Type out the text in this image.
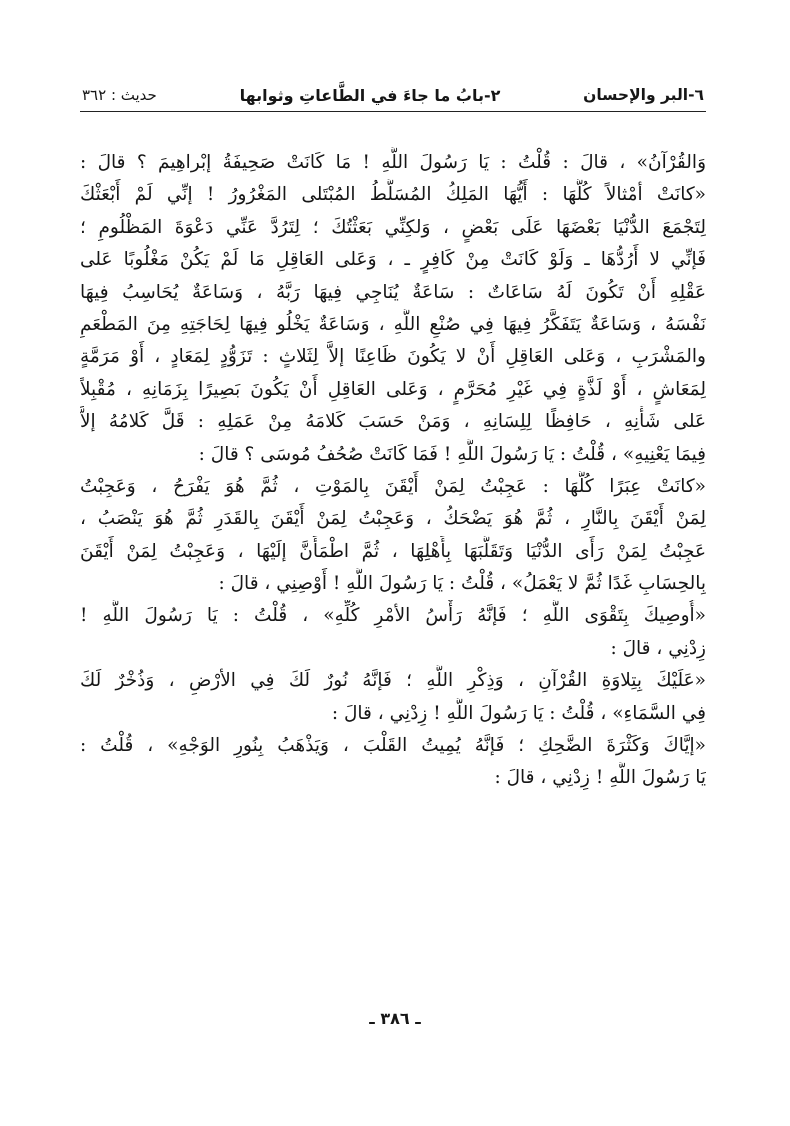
٦-البر والإحسان
٢-بابُ ما جاءَ في الطَّاعاتِ وثوابها
حديث : ٣٦٢
وَالقُرْآنُ» ، قالَ : قُلْتُ : يَا رَسُولَ اللَّهِ ! مَا كَانَتْ صَحِيفَةُ إبْراهِيمَ ؟ قالَ :
«كانَتْ أمْثالاً كُلُّهَا : أَيُّهَا المَلِكُ المُسَلَّطُ المُبْتَلى المَغْرُورُ ! إنِّي لَمْ أَبْعَثْكَ
لِتَجْمَعَ الدُّنْيَا بَعْضَهَا عَلَى بَعْضٍ ، وَلكِنِّي بَعَثْتُكَ ؛ لِتَرُدَّ عَنِّي دَعْوَةَ المَظْلُومِ ؛
فَإنِّي لا أَرُدُّهَا ـ وَلَوْ كَانَتْ مِنْ كَافِرٍ ـ ، وَعَلى العَاقِلِ مَا لَمْ يَكُنْ مَغْلُوبًا عَلى
عَقْلِهِ أَنْ تَكُونَ لَهُ سَاعَاتٌ : سَاعَةٌ يُنَاجِي فِيهَا رَبَّهُ ، وَسَاعَةٌ يُحَاسِبُ فِيهَا
نَفْسَهُ ، وَسَاعَةٌ يَتَفَكَّرُ فِيهَا فِي صُنْعِ اللَّهِ ، وَسَاعَةٌ يَخْلُو فِيهَا لِحَاجَتِهِ مِنَ المَطْعَمِ
والمَشْرَبِ ، وَعَلى العَاقِلِ أَنْ لا يَكُونَ ظَاعِنًا إلاَّ لِثَلاثٍ : تَزَوُّدٍ لِمَعَادٍ ، أَوْ مَرَمَّةٍ
لِمَعَاشٍ ، أَوْ لَذَّةٍ فِي غَيْرِ مُحَرَّمٍ ، وَعَلى العَاقِلِ أَنْ يَكُونَ بَصِيرًا بِزَمَانِهِ ، مُقْبِلاً
عَلى شَأْنِهِ ، حَافِظًا لِلِسَانِهِ ، وَمَنْ حَسَبَ كَلامَهُ مِنْ عَمَلِهِ : قَلَّ كَلامُهُ إلاَّ
فِيمَا يَعْنِيهِ» ، قُلْتُ : يَا رَسُولَ اللَّهِ ! فَمَا كَانَتْ صُحُفُ مُوسَى ؟ قالَ :
«كانَتْ عِبَرًا كُلُّهَا : عَجِبْتُ لِمَنْ أَيْقَنَ بِالمَوْتِ ، ثُمَّ هُوَ يَفْرَحُ ، وَعَجِبْتُ
لِمَنْ أَيْقَنَ بِالنَّارِ ، ثُمَّ هُوَ يَضْحَكُ ، وَعَجِبْتُ لِمَنْ أَيْقَنَ بِالقَدَرِ ثُمَّ هُوَ يَنْصَبُ ،
عَجِبْتُ لِمَنْ رَأَى الدُّنْيَا وَتَقَلُّبَهَا بِأَهْلِهَا ، ثُمَّ اطْمَأَنَّ إلَيْهَا ، وَعَجِبْتُ لِمَنْ أَيْقَنَ
بِالحِسَابِ غَدًا ثُمَّ لا يَعْمَلُ» ، قُلْتُ : يَا رَسُولَ اللَّهِ ! أَوْصِنِي ، قالَ :
«أُوصِيكَ بِتَقْوَى اللَّهِ ؛ فَإنَّهُ رَأْسُ الأمْرِ كُلِّهِ» ، قُلْتُ : يَا رَسُولَ اللَّهِ !
زِدْنِي ، قالَ :
«عَلَيْكَ بِتِلاوَةِ القُرْآنِ ، وَذِكْرِ اللَّهِ ؛ فَإنَّهُ نُورٌ لَكَ فِي الأرْضِ ، وَذُخْرٌ لَكَ
فِي السَّمَاءِ» ، قُلْتُ : يَا رَسُولَ اللَّهِ ! زِدْنِي ، قالَ :
«إيَّاكَ وَكَثْرَةَ الضَّحِكِ ؛ فَإنَّهُ يُمِيتُ القَلْبَ ، وَيَذْهَبُ بِنُورِ الوَجْهِ» ، قُلْتُ :
يَا رَسُولَ اللَّهِ ! زِدْنِي ، قالَ :
ـ ٣٨٦ ـ
